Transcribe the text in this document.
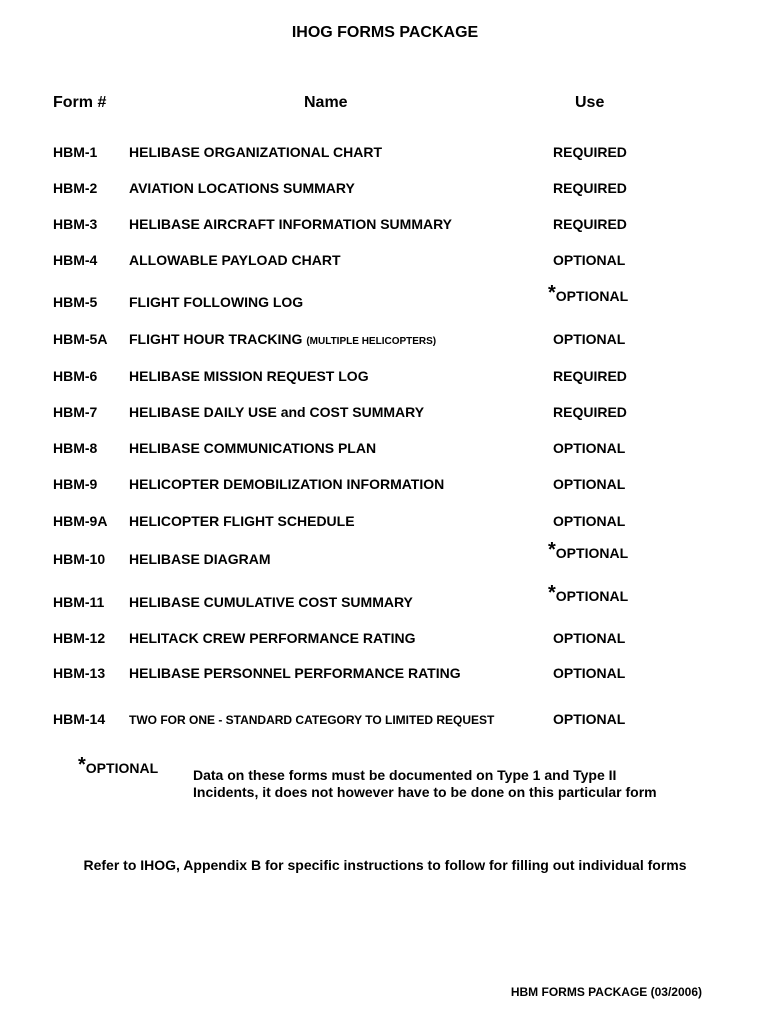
IHOG FORMS PACKAGE
Form #	Name	Use
HBM-1 HELIBASE ORGANIZATIONAL CHART	REQUIRED
HBM-2 AVIATION LOCATIONS SUMMARY	REQUIRED
HBM-3 HELIBASE AIRCRAFT INFORMATION SUMMARY	REQUIRED
HBM-4 ALLOWABLE PAYLOAD CHART	OPTIONAL
HBM-5 FLIGHT FOLLOWING LOG	*OPTIONAL
HBM-5A FLIGHT HOUR TRACKING (MULTIPLE HELICOPTERS)	OPTIONAL
HBM-6 HELIBASE MISSION REQUEST LOG	REQUIRED
HBM-7 HELIBASE DAILY USE and COST SUMMARY	REQUIRED
HBM-8 HELIBASE COMMUNICATIONS PLAN	OPTIONAL
HBM-9 HELICOPTER DEMOBILIZATION INFORMATION	OPTIONAL
HBM-9A HELICOPTER FLIGHT SCHEDULE	OPTIONAL
HBM-10 HELIBASE DIAGRAM	*OPTIONAL
HBM-11 HELIBASE CUMULATIVE COST SUMMARY	*OPTIONAL
HBM-12 HELITACK CREW PERFORMANCE RATING	OPTIONAL
HBM-13 HELIBASE PERSONNEL PERFORMANCE RATING	OPTIONAL
HBM-14 TWO FOR ONE - STANDARD CATEGORY TO LIMITED REQUEST	OPTIONAL
*OPTIONAL Data on these forms must be documented on Type 1 and Type II Incidents, it does not however have to be done on this particular form
Refer to IHOG, Appendix B for specific instructions to follow for filling out individual forms
HBM FORMS PACKAGE (03/2006)
